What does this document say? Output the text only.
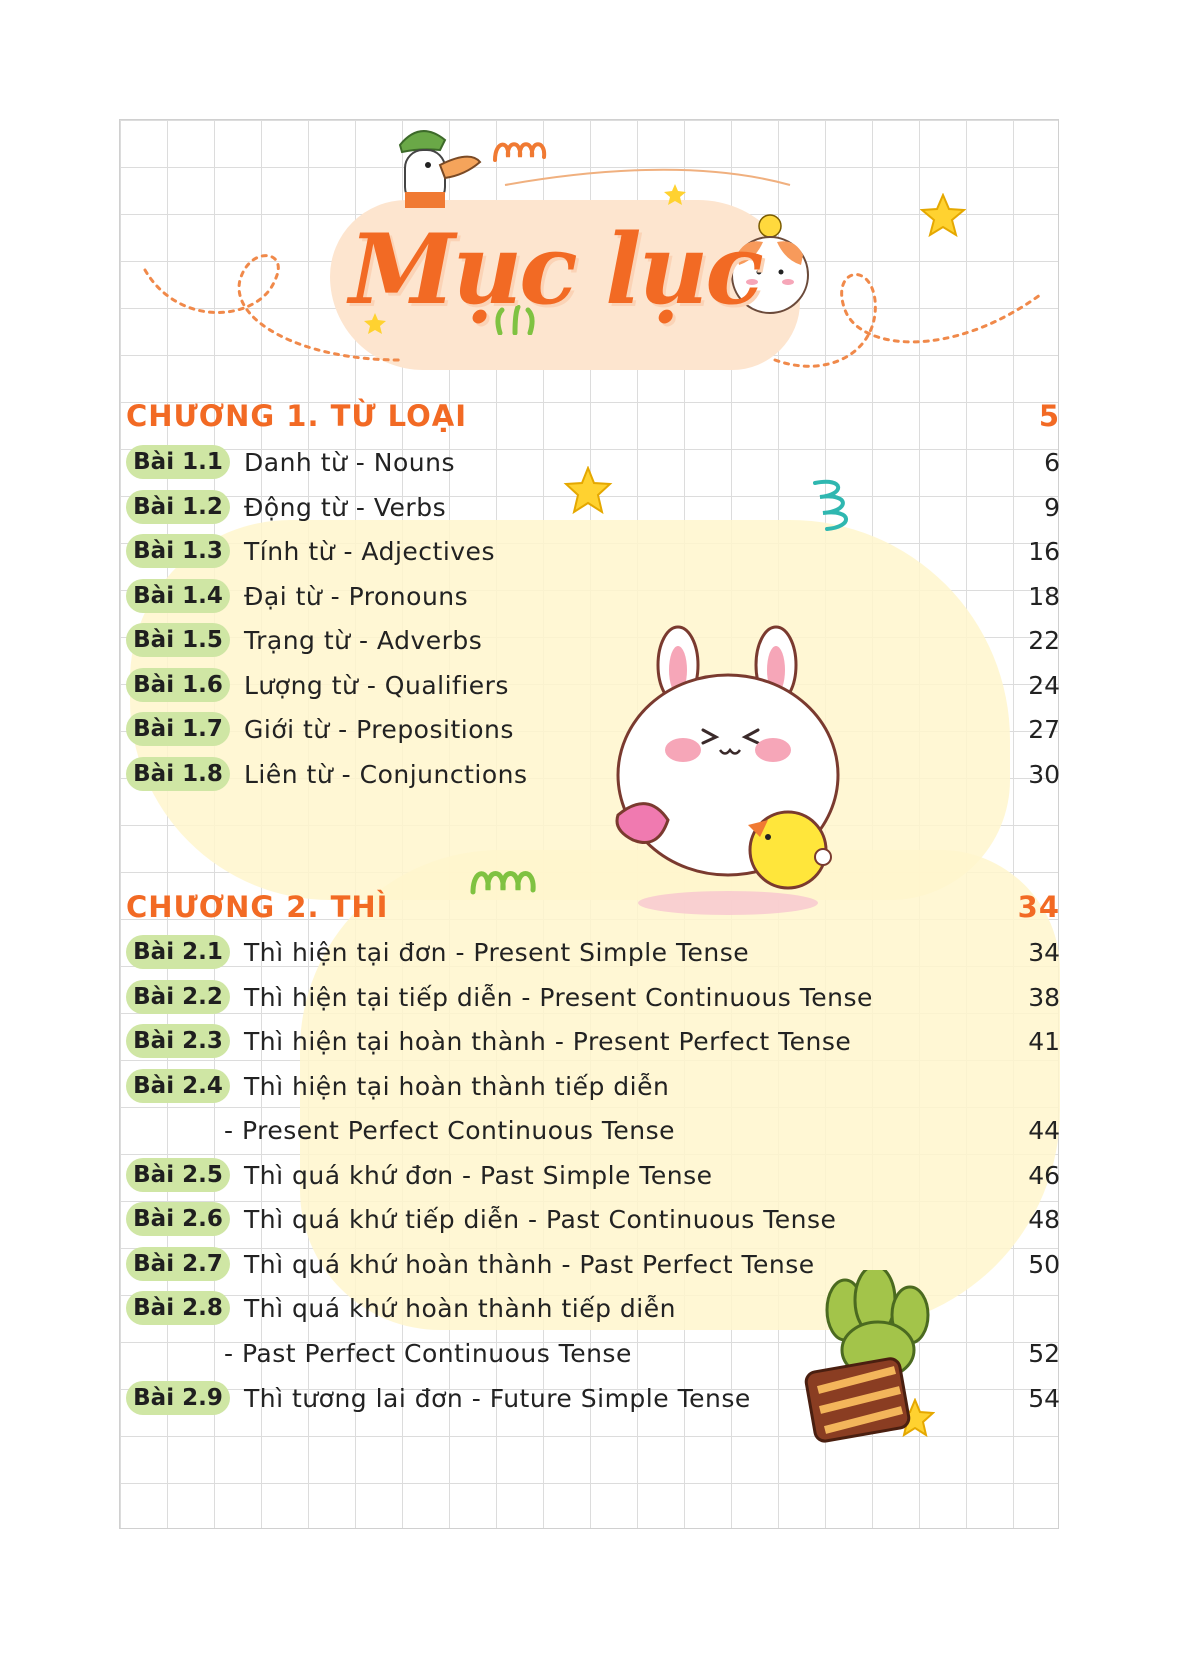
Mục lục
CHƯƠNG 1. TỪ LOẠI	5
Bài 1.1 Danh từ - Nouns	6
Bài 1.2 Động từ - Verbs	9
Bài 1.3 Tính từ - Adjectives	16
Bài 1.4 Đại từ - Pronouns	18
Bài 1.5 Trạng từ - Adverbs	22
Bài 1.6 Lượng từ - Qualifiers	24
Bài 1.7 Giới từ - Prepositions	27
Bài 1.8 Liên từ - Conjunctions	30
CHƯƠNG 2. THÌ	34
Bài 2.1 Thì hiện tại đơn - Present Simple Tense	34
Bài 2.2 Thì hiện tại tiếp diễn - Present Continuous Tense	38
Bài 2.3 Thì hiện tại hoàn thành - Present Perfect Tense	41
Bài 2.4 Thì hiện tại hoàn thành tiếp diễn
- Present Perfect Continuous Tense	44
Bài 2.5 Thì quá khứ đơn - Past Simple Tense	46
Bài 2.6 Thì quá khứ tiếp diễn - Past Continuous Tense	48
Bài 2.7 Thì quá khứ hoàn thành - Past Perfect Tense	50
Bài 2.8 Thì quá khứ hoàn thành tiếp diễn
- Past Perfect Continuous Tense	52
Bài 2.9 Thì tương lai đơn - Future Simple Tense	54
